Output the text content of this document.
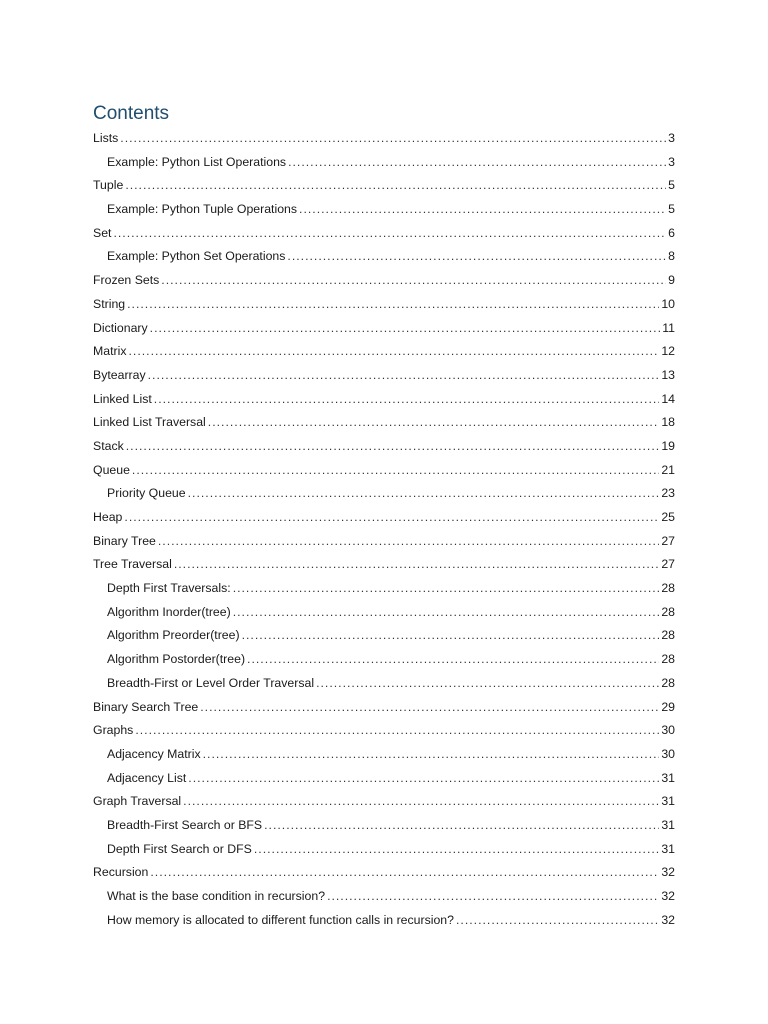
Contents
Lists .....	3
Example: Python List Operations .....	3
Tuple .....	5
Example: Python Tuple Operations .....	5
Set .....	6
Example: Python Set Operations .....	8
Frozen Sets .....	9
String .....	10
Dictionary .....	11
Matrix .....	12
Bytearray .....	13
Linked List .....	14
Linked List Traversal .....	18
Stack .....	19
Queue .....	21
Priority Queue .....	23
Heap .....	25
Binary Tree .....	27
Tree Traversal .....	27
Depth First Traversals: .....	28
Algorithm Inorder(tree) .....	28
Algorithm Preorder(tree) .....	28
Algorithm Postorder(tree) .....	28
Breadth-First or Level Order Traversal .....	28
Binary Search Tree .....	29
Graphs .....	30
Adjacency Matrix .....	30
Adjacency List .....	31
Graph Traversal .....	31
Breadth-First Search or BFS .....	31
Depth First Search or DFS .....	31
Recursion .....	32
What is the base condition in recursion? .....	32
How memory is allocated to different function calls in recursion? .....	32
